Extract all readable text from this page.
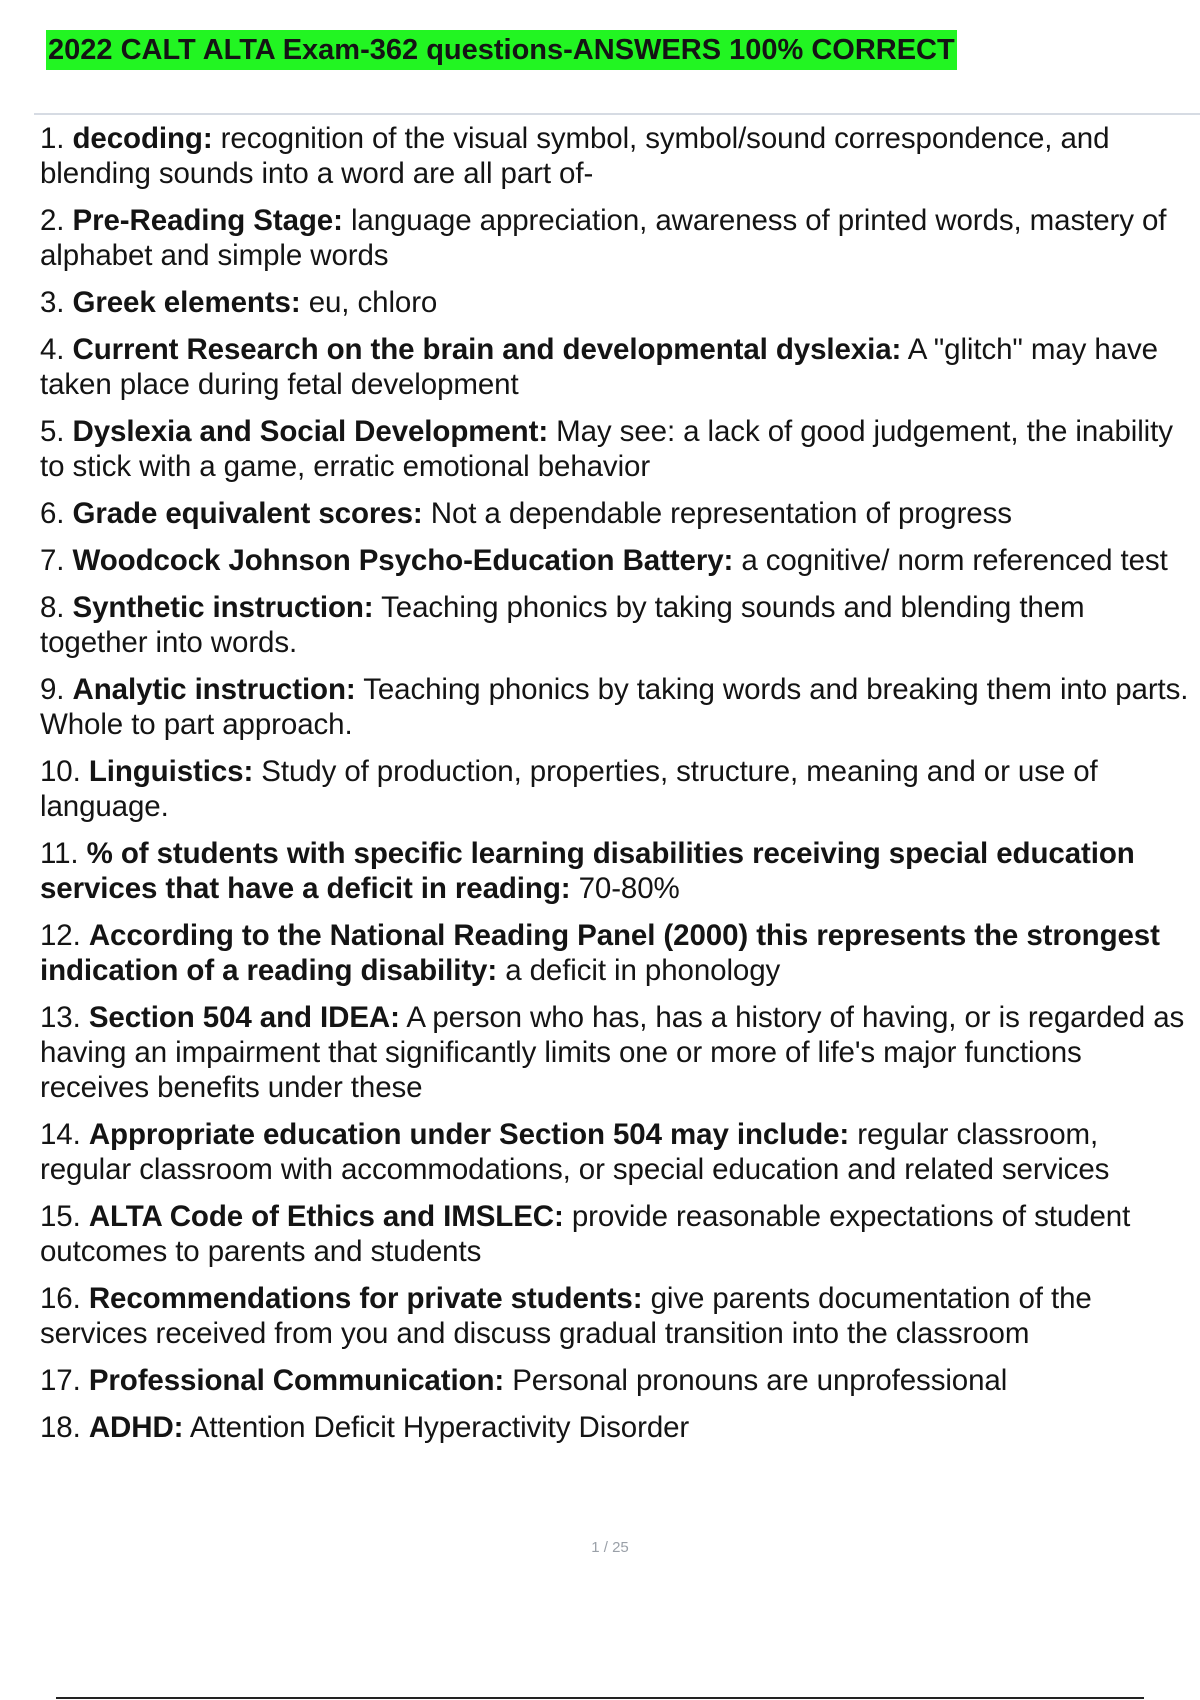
2022 CALT ALTA Exam-362 questions-ANSWERS 100% CORRECT
1. decoding: recognition of the visual symbol, symbol/sound correspondence, and blending sounds into a word are all part of-
2. Pre-Reading Stage: language appreciation, awareness of printed words, mastery of alphabet and simple words
3. Greek elements: eu, chloro
4. Current Research on the brain and developmental dyslexia: A "glitch" may have taken place during fetal development
5. Dyslexia and Social Development: May see: a lack of good judgement, the inability to stick with a game, erratic emotional behavior
6. Grade equivalent scores: Not a dependable representation of progress
7. Woodcock Johnson Psycho-Education Battery: a cognitive/ norm referenced test
8. Synthetic instruction: Teaching phonics by taking sounds and blending them together into words.
9. Analytic instruction: Teaching phonics by taking words and breaking them into parts. Whole to part approach.
10. Linguistics: Study of production, properties, structure, meaning and or use of language.
11. % of students with specific learning disabilities receiving special education services that have a deficit in reading: 70-80%
12. According to the National Reading Panel (2000) this represents the strongest indication of a reading disability: a deficit in phonology
13. Section 504 and IDEA: A person who has, has a history of having, or is regarded as having an impairment that significantly limits one or more of life's major functions receives benefits under these
14. Appropriate education under Section 504 may include: regular classroom, regular classroom with accommodations, or special education and related services
15. ALTA Code of Ethics and IMSLEC: provide reasonable expectations of student outcomes to parents and students
16. Recommendations for private students: give parents documentation of the services received from you and discuss gradual transition into the classroom
17. Professional Communication: Personal pronouns are unprofessional
18. ADHD: Attention Deficit Hyperactivity Disorder
1 / 25
